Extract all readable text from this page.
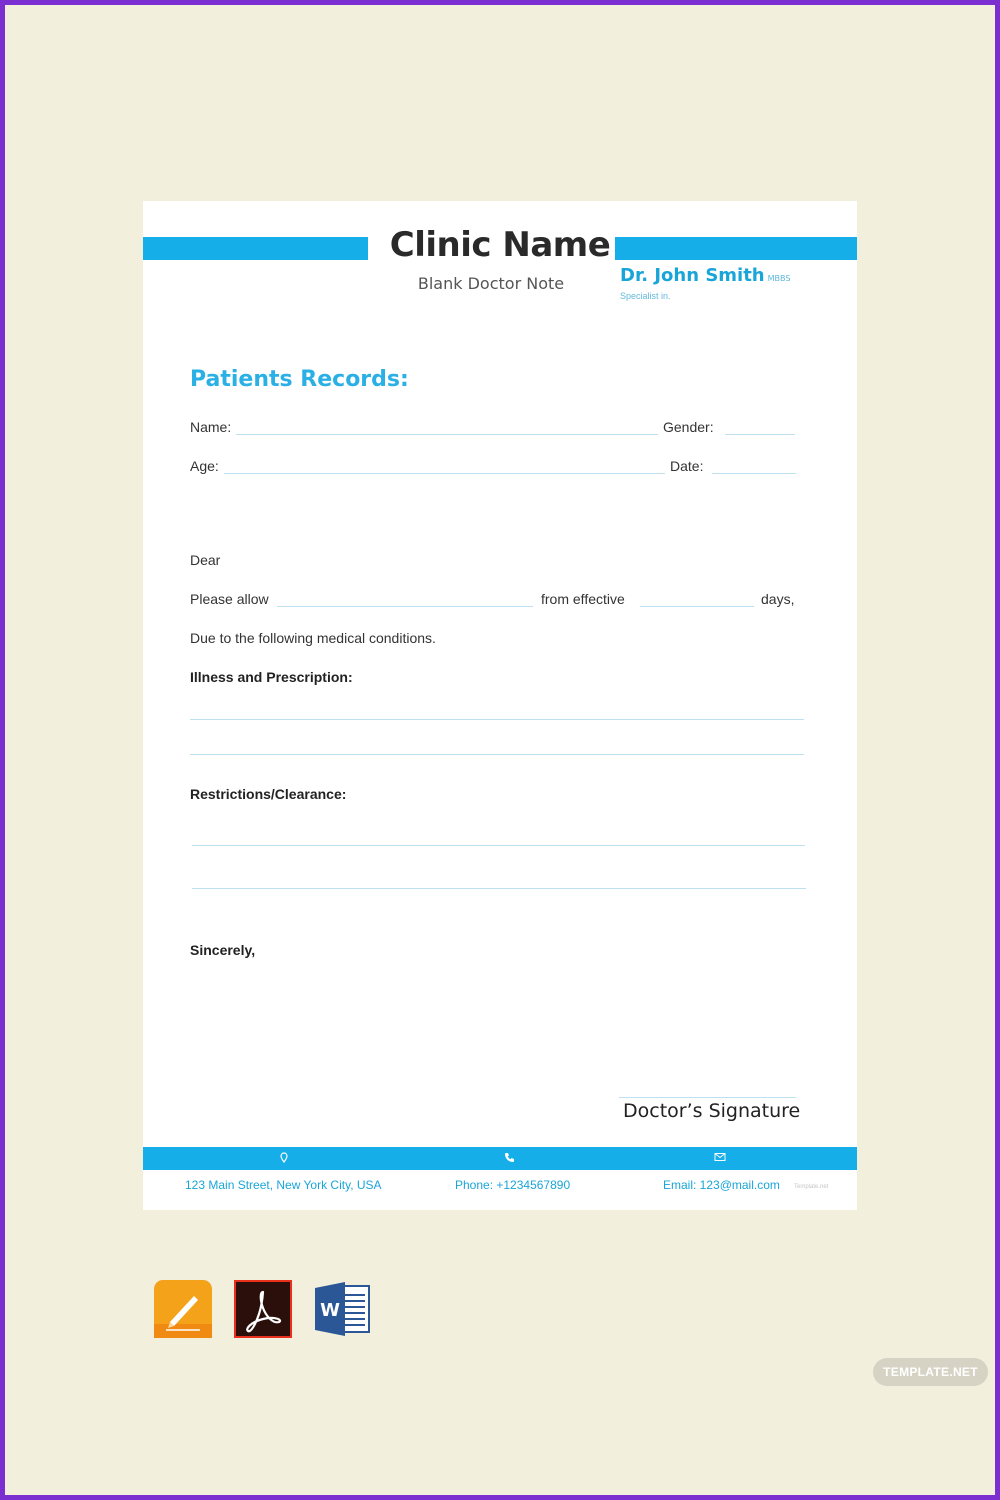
Clinic Name
Blank Doctor Note	Dr. John Smith MBBS
Specialist in.
Patients Records:
Name:	Gender:
Age:	Date:
Dear
Please allow	from effective	days,
Due to the following medical conditions.
Illness and Prescription:
Restrictions/Clearance:
Sincerely,
Doctor’s Signature
123 Main Street, New York City, USA	Phone: +1234567890	Email: 123@mail.com Template.net
W
TEMPLATE.NET
